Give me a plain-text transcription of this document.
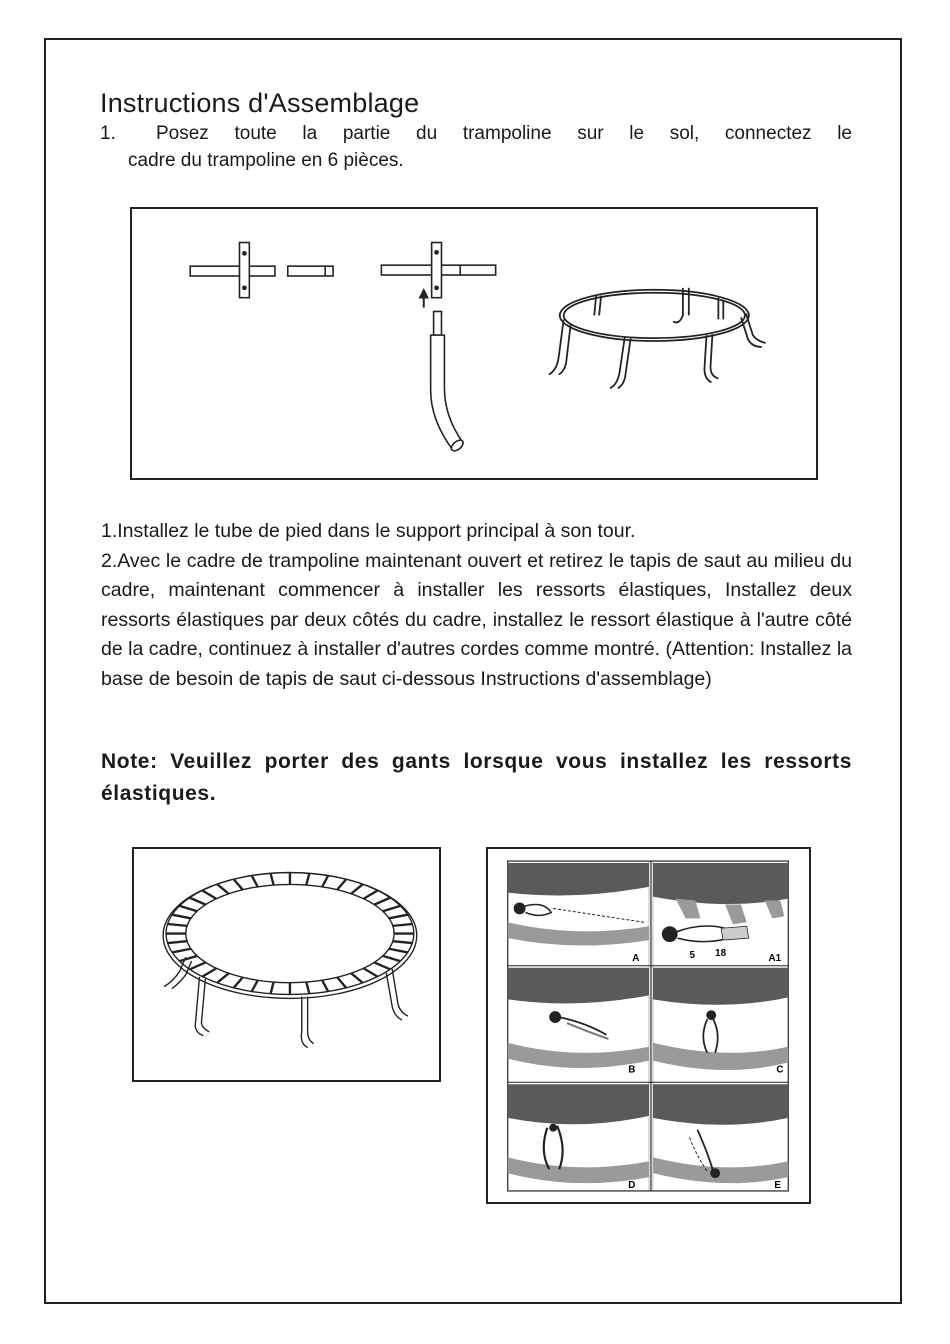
Instructions d'Assemblage

1. Posez toute la partie du trampoline sur le sol, connectez le
cadre du trampoline en 6 pièces.

1.Installez le tube de pied dans le support principal à son tour.
2.Avec le cadre de trampoline maintenant ouvert et retirez le tapis de saut au milieu du cadre, maintenant commencer à installer les ressorts élastiques, Installez deux ressorts élastiques par deux côtés du cadre, installez le ressort élastique à l'autre côté de la cadre, continuez à installer d'autres cordes comme montré. (Attention: Installez la base de besoin de tapis de saut ci-dessous Instructions d'assemblage)

Note: Veuillez porter des gants lorsque vous installez les ressorts élastiques.

A	5 18	A1
B	C
D	E
